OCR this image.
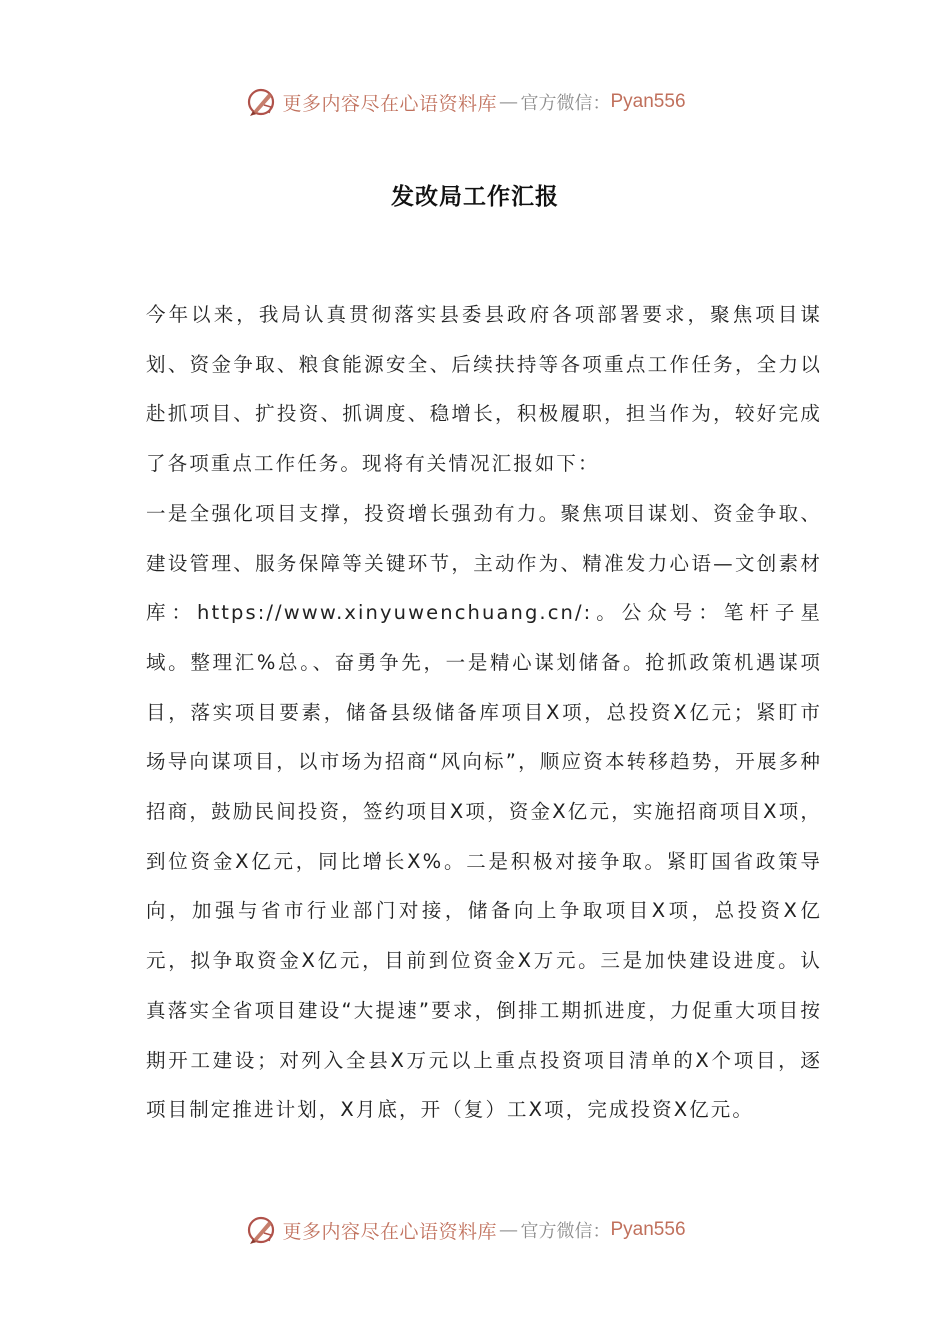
更多内容尽在心语资料库 — 官方微信： Pyan556
发改局工作汇报

今年以来，我局认真贯彻落实县委县政府各项部署要求，聚焦项目谋划、资金争取、粮食能源安全、后续扶持等各项重点工作任务，全力以赴抓项目、扩投资、抓调度、稳增长，积极履职，担当作为，较好完成了各项重点工作任务。现将有关情况汇报如下：

一是全强化项目支撑，投资增长强劲有力。聚焦项目谋划、资金争取、建设管理、服务保障等关键环节，主动作为、精准发力心语—文创素材库：https://www.xinyuwenchuang.cn/:。公众号：笔杆子星域。整理汇%总。、奋勇争先，一是精心谋划储备。抢抓政策机遇谋项目，落实项目要素，储备县级储备库项目X项，总投资X亿元；紧盯市场导向谋项目，以市场为招商“风向标”，顺应资本转移趋势，开展多种招商，鼓励民间投资，签约项目X项，资金X亿元，实施招商项目X项，到位资金X亿元，同比增长X%。二是积极对接争取。紧盯国省政策导向，加强与省市行业部门对接，储备向上争取项目X项，总投资X亿元，拟争取资金X亿元，目前到位资金X万元。三是加快建设进度。认真落实全省项目建设“大提速”要求，倒排工期抓进度，力促重大项目按期开工建设；对列入全县X万元以上重点投资项目清单的X个项目，逐项目制定推进计划，X月底，开（复）工X项，完成投资X亿元。

更多内容尽在心语资料库 — 官方微信： Pyan556
